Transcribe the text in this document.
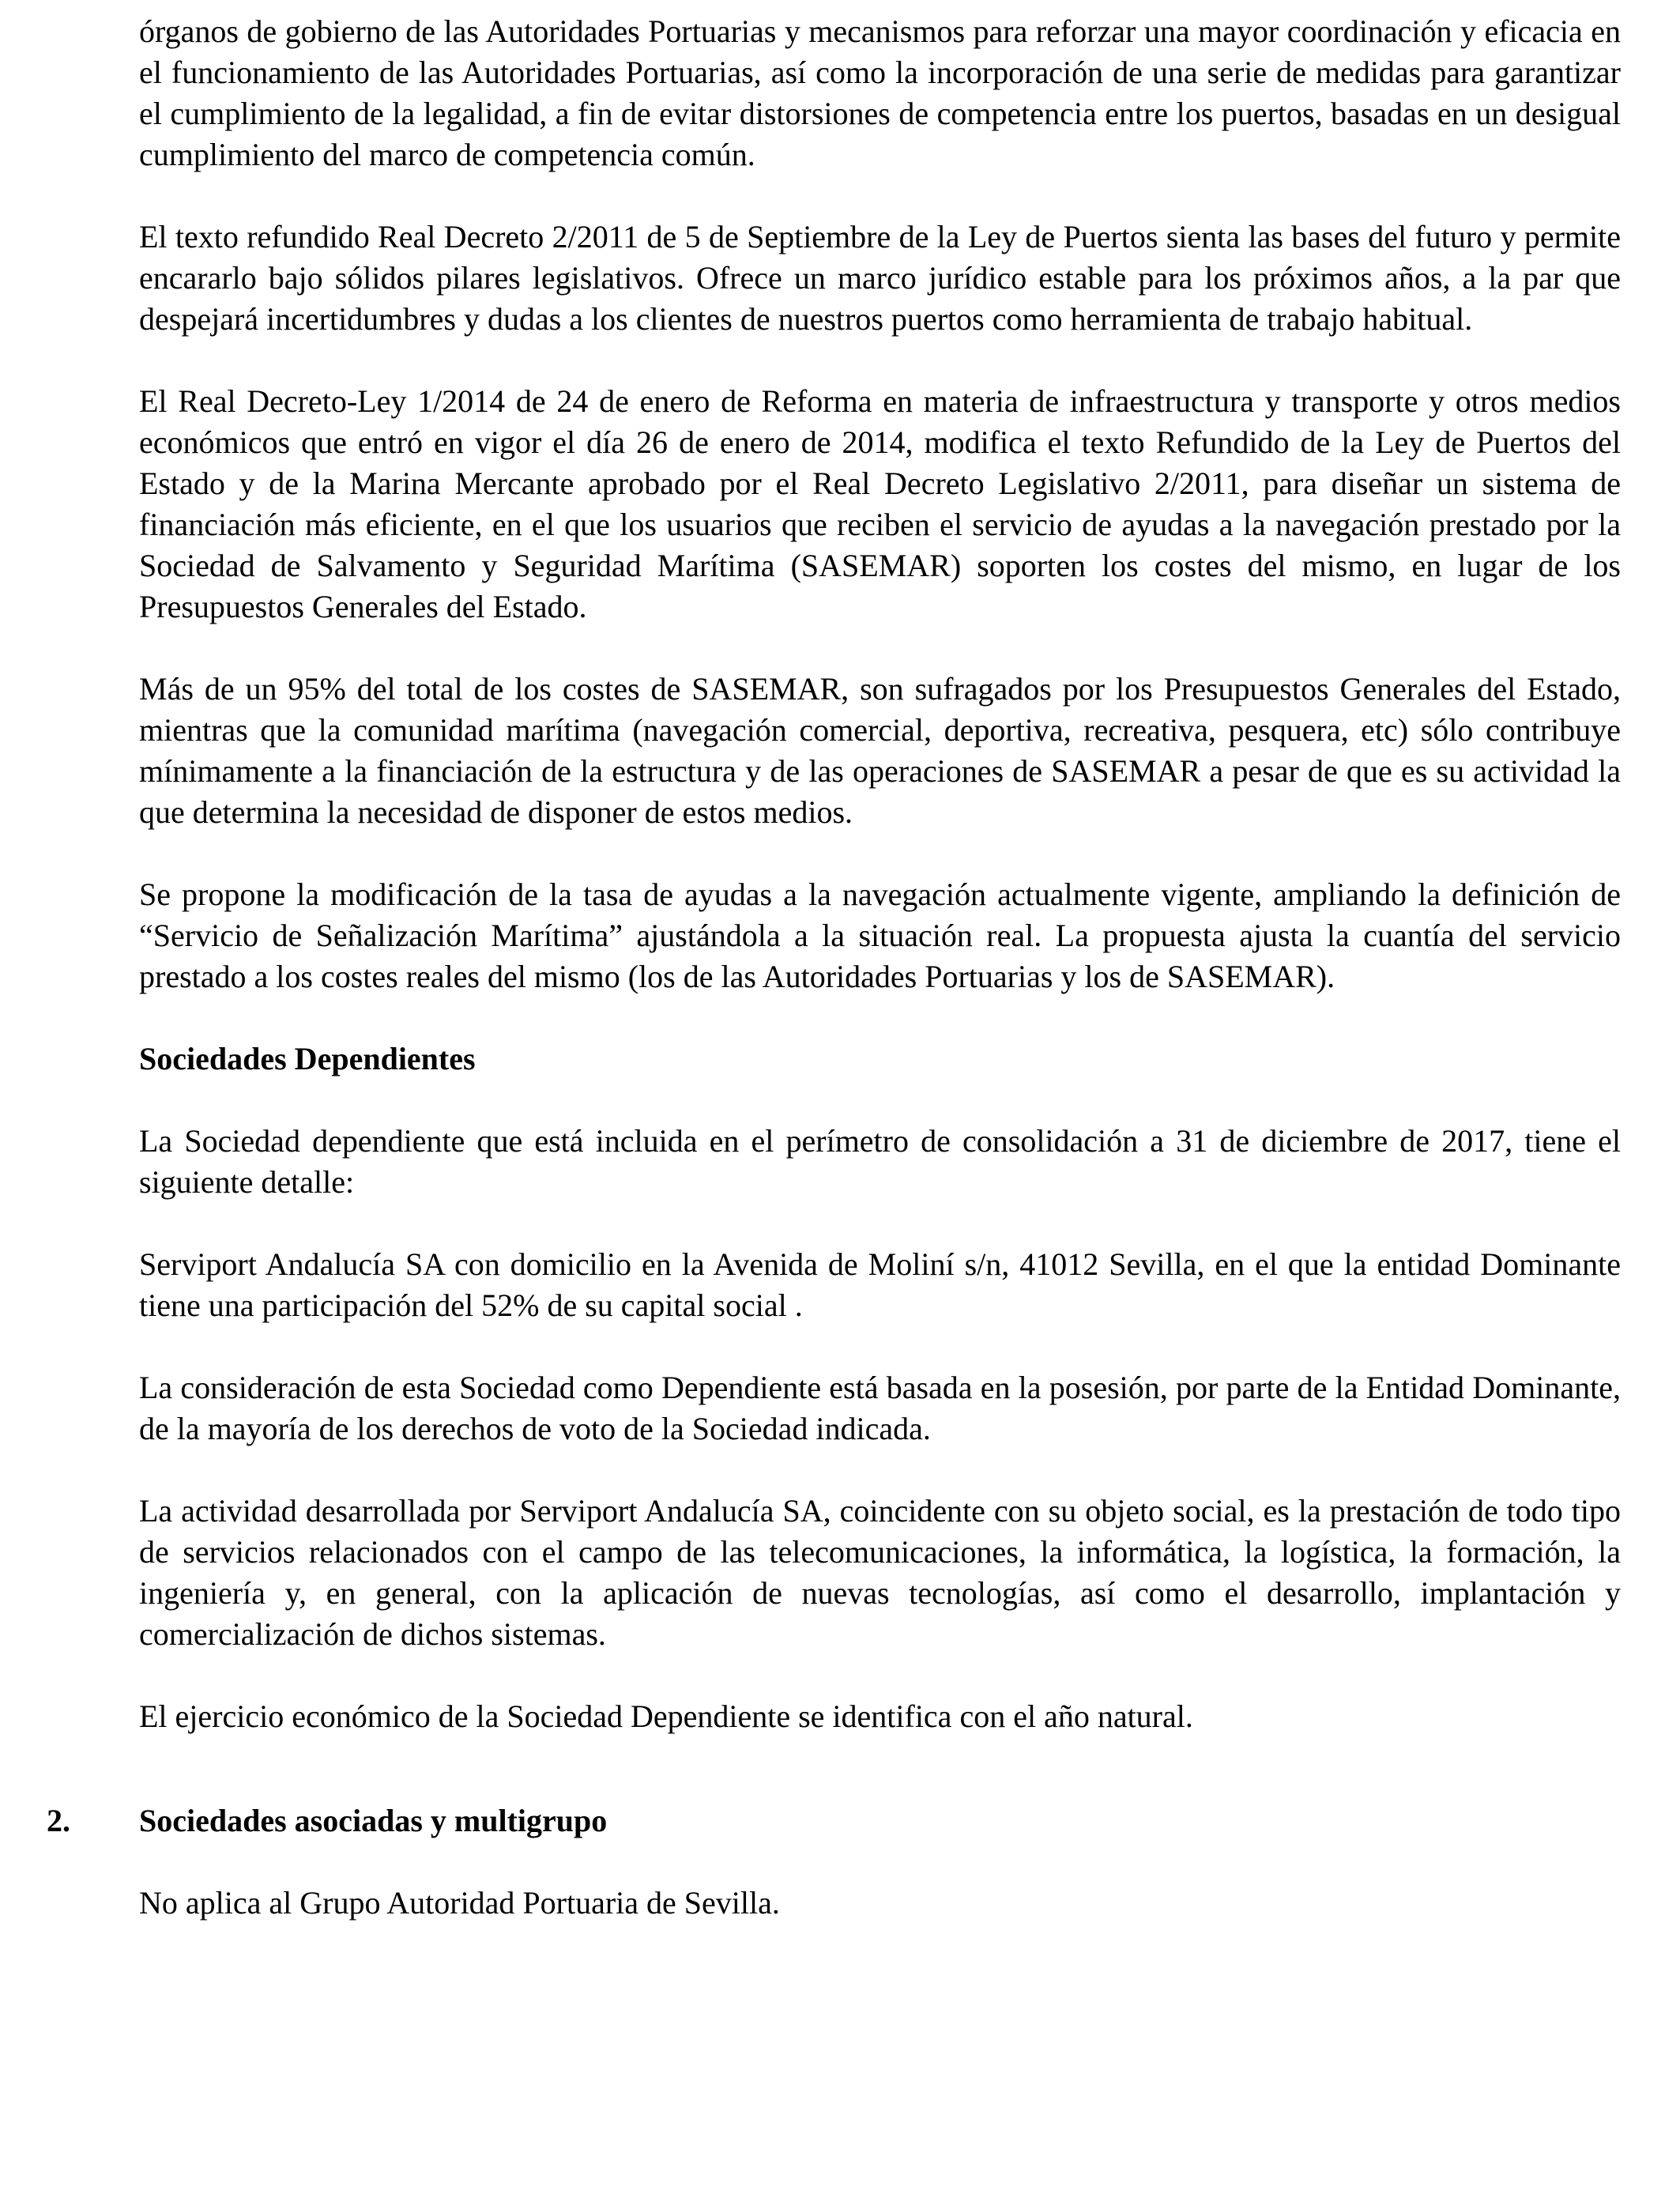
órganos de gobierno de las Autoridades Portuarias y mecanismos para reforzar una mayor coordinación y eficacia en el funcionamiento de las Autoridades Portuarias, así como la incorporación de una serie de medidas para garantizar el cumplimiento de la legalidad, a fin de evitar distorsiones de competencia entre los puertos, basadas en un desigual cumplimiento del marco de competencia común.

El texto refundido Real Decreto 2/2011 de 5 de Septiembre de la Ley de Puertos sienta las bases del futuro y permite encararlo bajo sólidos pilares legislativos. Ofrece un marco jurídico estable para los próximos años, a la par que despejará incertidumbres y dudas a los clientes de nuestros puertos como herramienta de trabajo habitual.

El Real Decreto-Ley 1/2014 de 24 de enero de Reforma en materia de infraestructura y transporte y otros medios económicos que entró en vigor el día 26 de enero de 2014, modifica el texto Refundido de la Ley de Puertos del Estado y de la Marina Mercante aprobado por el Real Decreto Legislativo 2/2011, para diseñar un sistema de financiación más eficiente, en el que los usuarios que reciben el servicio de ayudas a la navegación prestado por la Sociedad de Salvamento y Seguridad Marítima (SASEMAR) soporten los costes del mismo, en lugar de los Presupuestos Generales del Estado.

Más de un 95% del total de los costes de SASEMAR, son sufragados por los Presupuestos Generales del Estado, mientras que la comunidad marítima (navegación comercial, deportiva, recreativa, pesquera, etc) sólo contribuye mínimamente a la financiación de la estructura y de las operaciones de SASEMAR a pesar de que es su actividad la que determina la necesidad de disponer de estos medios.

Se propone la modificación de la tasa de ayudas a la navegación actualmente vigente, ampliando la definición de “Servicio de Señalización Marítima” ajustándola a la situación real. La propuesta ajusta la cuantía del servicio prestado a los costes reales del mismo (los de las Autoridades Portuarias y los de SASEMAR).

Sociedades Dependientes

La Sociedad dependiente que está incluida en el perímetro de consolidación a 31 de diciembre de 2017, tiene el siguiente detalle:

Serviport Andalucía SA con domicilio en la Avenida de Moliní s/n, 41012 Sevilla, en el que la entidad Dominante tiene una participación del 52% de su capital social .

La consideración de esta Sociedad como Dependiente está basada en la posesión, por parte de la Entidad Dominante, de la mayoría de los derechos de voto de la Sociedad indicada.

La actividad desarrollada por Serviport Andalucía SA, coincidente con su objeto social, es la prestación de todo tipo de servicios relacionados con el campo de las telecomunicaciones, la informática, la logística, la formación, la ingeniería y, en general, con la aplicación de nuevas tecnologías, así como el desarrollo, implantación y comercialización de dichos sistemas.

El ejercicio económico de la Sociedad Dependiente se identifica con el año natural.

2. Sociedades asociadas y multigrupo

No aplica al Grupo Autoridad Portuaria de Sevilla.
